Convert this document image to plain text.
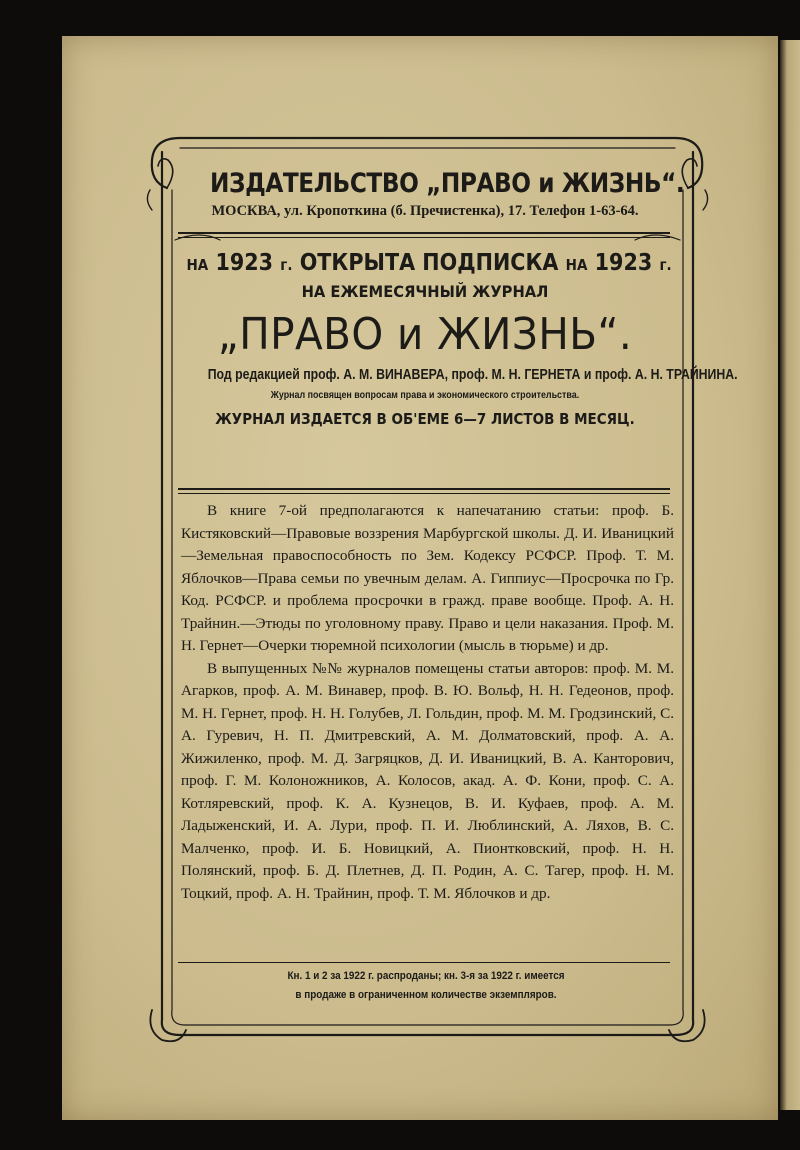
ИЗДАТЕЛЬСТВО „ПРАВО и ЖИЗНЬ“.
МОСКВА, ул. Кропоткина (б. Пречистенка), 17. Телефон 1-63-64.
НА 1923 г. ОТКРЫТА ПОДПИСКА НА 1923 г.
НА ЕЖЕМЕСЯЧНЫЙ ЖУРНАЛ
„ПРАВО и ЖИЗНЬ“.
Под редакцией проф. А. М. ВИНАВЕРА, проф. М. Н. ГЕРНЕТА и проф. А. Н. ТРАЙНИНА.
Журнал посвящен вопросам права и экономического строительства.
ЖУРНАЛ ИЗДАЕТСЯ В ОБ'ЕМЕ 6—7 ЛИСТОВ В МЕСЯЦ.

В книге 7-ой предполагаются к напечатанию статьи: проф. Б. Кистяковский—Правовые воззрения Марбургской школы. Д. И. Иваницкий—Земельная правоспособность по Зем. Кодексу РСФСР. Проф. Т. М. Яблочков—Права семьи по увечным делам. А. Гиппиус—Просрочка по Гр. Код. РСФСР. и проблема просрочки в гражд. праве вообще. Проф. А. Н. Трайнин.—Этюды по уголовному праву. Право и цели наказания. Проф. М. Н. Гернет—Очерки тюремной психологии (мысль в тюрьме) и др.

В выпущенных №№ журналов помещены статьи авторов: проф. М. М. Агарков, проф. А. М. Винавер, проф. В. Ю. Вольф, Н. Н. Гедеонов, проф. М. Н. Гернет, проф. Н. Н. Голубев, Л. Гольдин, проф. М. М. Гродзинский, С. А. Гуревич, Н. П. Дмитревский, А. М. Долматовский, проф. А. А. Жижиленко, проф. М. Д. Загряцков, Д. И. Иваницкий, В. А. Канторович, проф. Г. М. Колоножников, А. Колосов, акад. А. Ф. Кони, проф. С. А. Котляревский, проф. К. А. Кузнецов, В. И. Куфаев, проф. А. М. Ладыженский, И. А. Лури, проф. П. И. Люблинский, А. Ляхов, В. С. Малченко, проф. И. Б. Новицкий, А. Пионтковский, проф. Н. Н. Полянский, проф. Б. Д. Плетнев, Д. П. Родин, А. С. Тагер, проф. Н. М. Тоцкий, проф. А. Н. Трайнин, проф. Т. М. Яблочков и др.

Кн. 1 и 2 за 1922 г. распроданы; кн. 3-я за 1922 г. имеется
в продаже в ограниченном количестве экземпляров.
